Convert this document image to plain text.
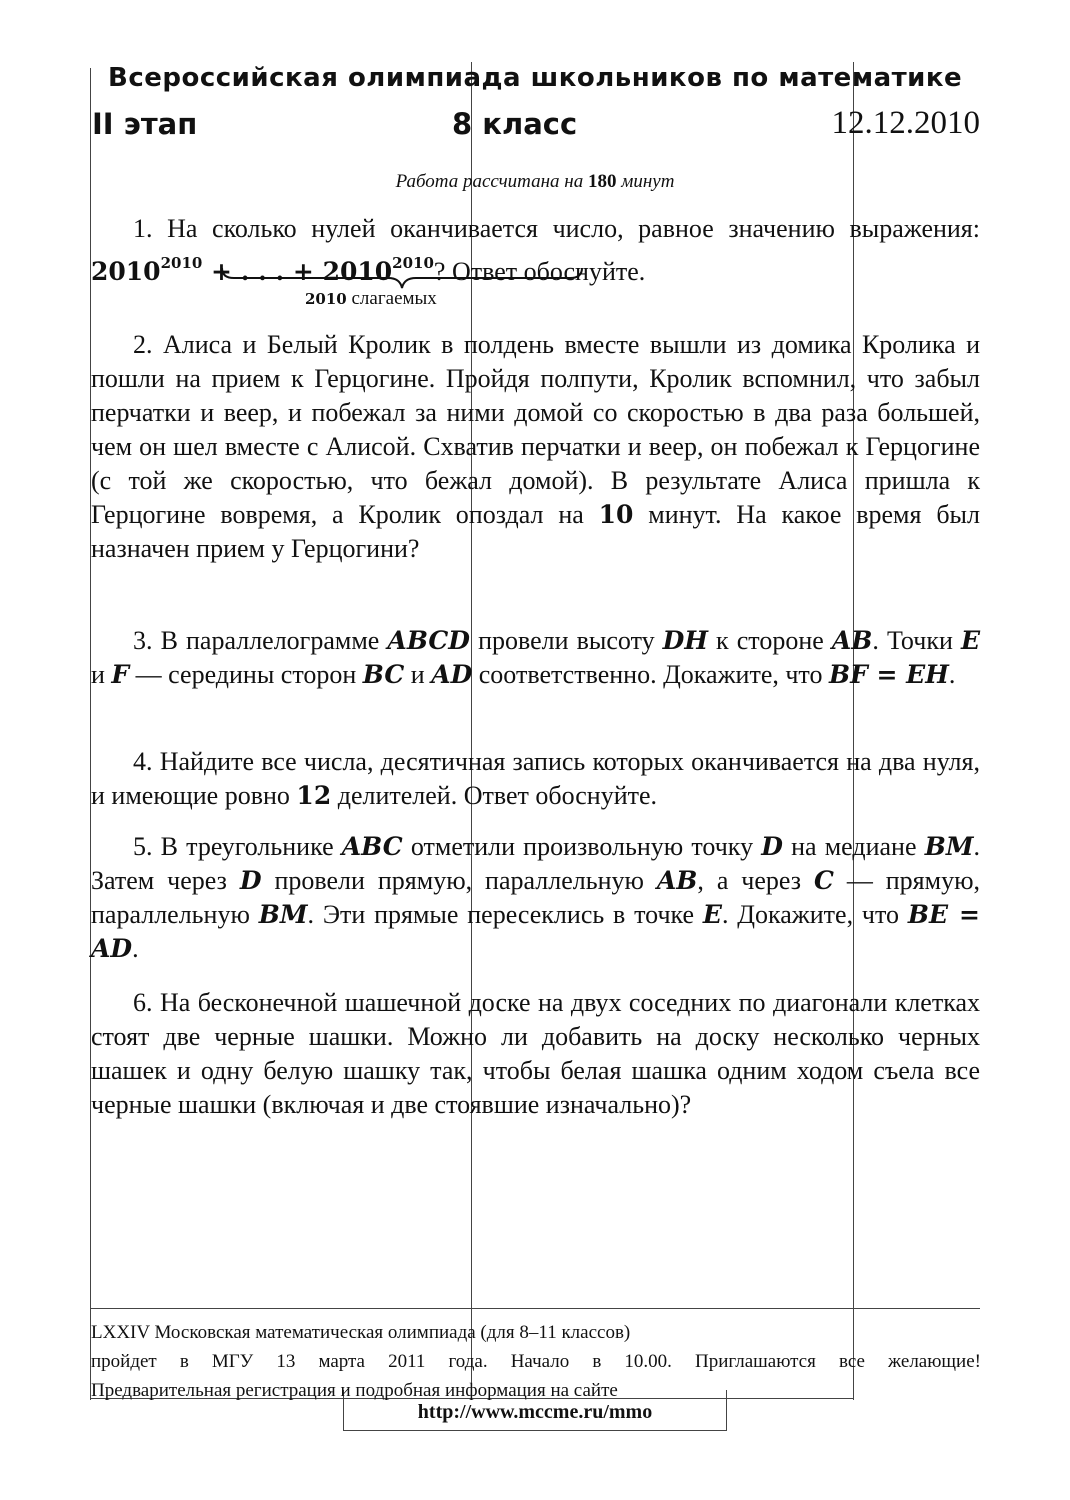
Всероссийская олимпиада школьников по математике
II этап	8 класс	12.12.2010
Работа рассчитана на 180 минут

1. На сколько нулей оканчивается число, равное значению выражения: $2010^{2010}$ + . . . + $2010^{2010}$? Ответ обоснуйте.

2010 слагаемых

2. Алиса и Белый Кролик в полдень вместе вышли из домика Кролика и пошли на прием к Герцогине. Пройдя полпути, Кролик вспомнил, что забыл перчатки и веер, и побежал за ними домой со скоростью в два раза большей, чем он шел вместе с Алисой. Схватив перчатки и веер, он побежал к Герцогине (с той же скоростью, что бежал домой). В результате Алиса пришла к Герцогине вовремя, а Кролик опоздал на 10 минут. На какое время был назначен прием у Герцогини?

3. В параллелограмме ABCD провели высоту DH к стороне AB. Точки E и F — середины сторон BC и AD соответственно. Докажите, что BF = EH.

4. Найдите все числа, десятичная запись которых оканчивается на два нуля, и имеющие ровно 12 делителей. Ответ обоснуйте.

5. В треугольнике ABC отметили произвольную точку D на медиане BM. Затем через D провели прямую, параллельную AB, а через C — прямую, параллельную BM. Эти прямые пересеклись в точке E. Докажите, что BE = AD.

6. На бесконечной шашечной доске на двух соседних по диагонали клетках стоят две черные шашки. Можно ли добавить на доску несколько черных шашек и одну белую шашку так, чтобы белая шашка одним ходом съела все черные шашки (включая и две стоявшие изначально)?

LXXIV Московская математическая олимпиада (для 8–11 классов)
пройдет в МГУ 13 марта 2011 года. Начало в 10.00. Приглашаются все желающие!
Предварительная регистрация и подробная информация на сайте
http://www.mccme.ru/mmo
